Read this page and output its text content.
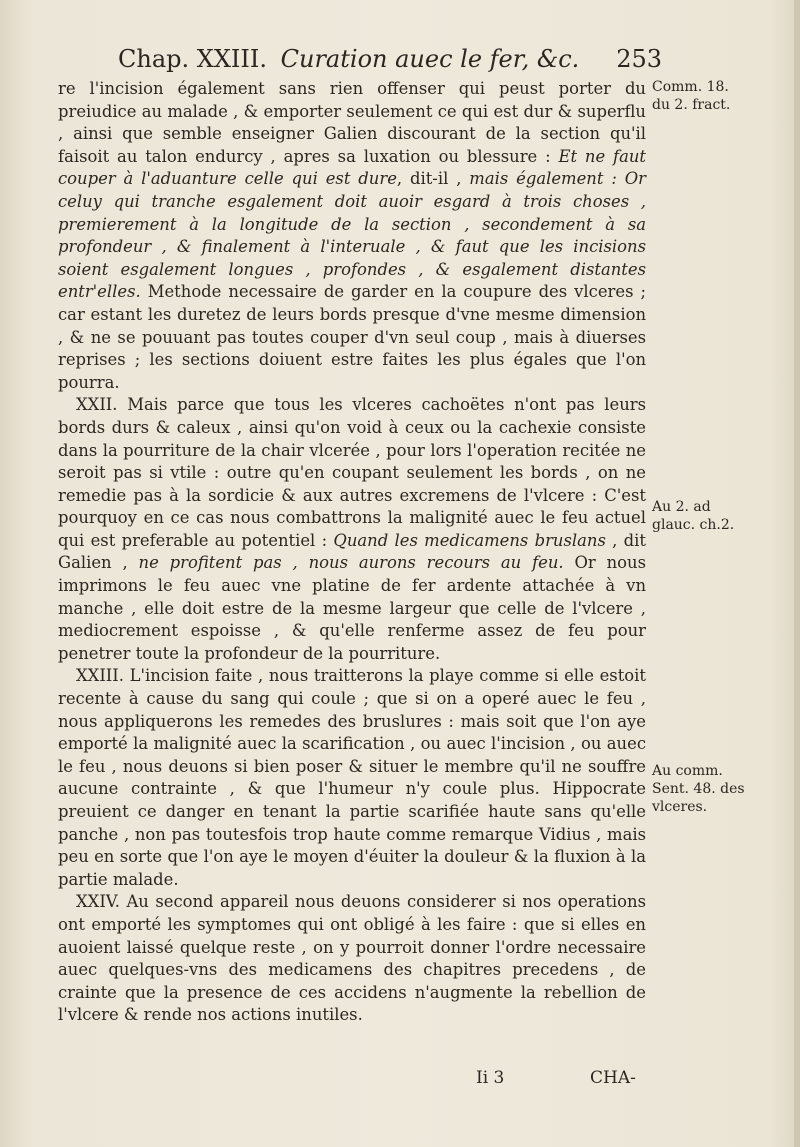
Chap. XXIII. Curation auec le fer, &c. 253

re l'incision également sans rien offenser qui peust porter du preiudice au malade , & emporter seulement ce qui est dur & superflu , ainsi que semble enseigner Galien discourant de la section qu'il faisoit au talon endurcy , apres sa luxation ou blessure : Et ne faut couper à l'aduanture celle qui est dure, dit-il , mais également : Or celuy qui tranche esgalement doit auoir esgard à trois choses , premierement à la longitude de la section , secondement à sa profondeur , & finalement à l'interuale , & faut que les incisions soient esgalement longues , profondes , & esgalement distantes entr'elles. Methode necessaire de garder en la coupure des vlceres ; car estant les duretez de leurs bords presque d'vne mesme dimension , & ne se pouuant pas toutes couper d'vn seul coup , mais à diuerses reprises ; les sections doiuent estre faites les plus égales que l'on pourra.

XXII. Mais parce que tous les vlceres cachoëtes n'ont pas leurs bords durs & caleux , ainsi qu'on void à ceux ou la cachexie consiste dans la pourriture de la chair vlcerée , pour lors l'operation recitée ne seroit pas si vtile : outre qu'en coupant seulement les bords , on ne remedie pas à la sordicie & aux autres excremens de l'vlcere : C'est pourquoy en ce cas nous combattrons la malignité auec le feu actuel qui est preferable au potentiel : Quand les medicamens bruslans , dit Galien , ne profitent pas , nous aurons recours au feu. Or nous imprimons le feu auec vne platine de fer ardente attachée à vn manche , elle doit estre de la mesme largeur que celle de l'vlcere , mediocrement espoisse , & qu'elle renferme assez de feu pour penetrer toute la profondeur de la pourriture.

XXIII. L'incision faite , nous traitterons la playe comme si elle estoit recente à cause du sang qui coule ; que si on a operé auec le feu , nous appliquerons les remedes des bruslures : mais soit que l'on aye emporté la malignité auec la scarification , ou auec l'incision , ou auec le feu , nous deuons si bien poser & situer le membre qu'il ne souffre aucune contrainte , & que l'humeur n'y coule plus. Hippocrate preuient ce danger en tenant la partie scarifiée haute sans qu'elle panche , non pas toutesfois trop haute comme remarque Vidius , mais peu en sorte que l'on aye le moyen d'éuiter la douleur & la fluxion à la partie malade.

XXIV. Au second appareil nous deuons considerer si nos operations ont emporté les symptomes qui ont obligé à les faire : que si elles en auoient laissé quelque reste , on y pourroit donner l'ordre necessaire auec quelques-vns des medicamens des chapitres precedens , de crainte que la presence de ces accidens n'augmente la rebellion de l'vlcere & rende nos actions inutiles.

Comm. 18.
du 2. fract.
Au 2. ad
glauc. ch.2.
Au comm.
Sent. 48. des
vlceres.
Ii 3	CHA-
